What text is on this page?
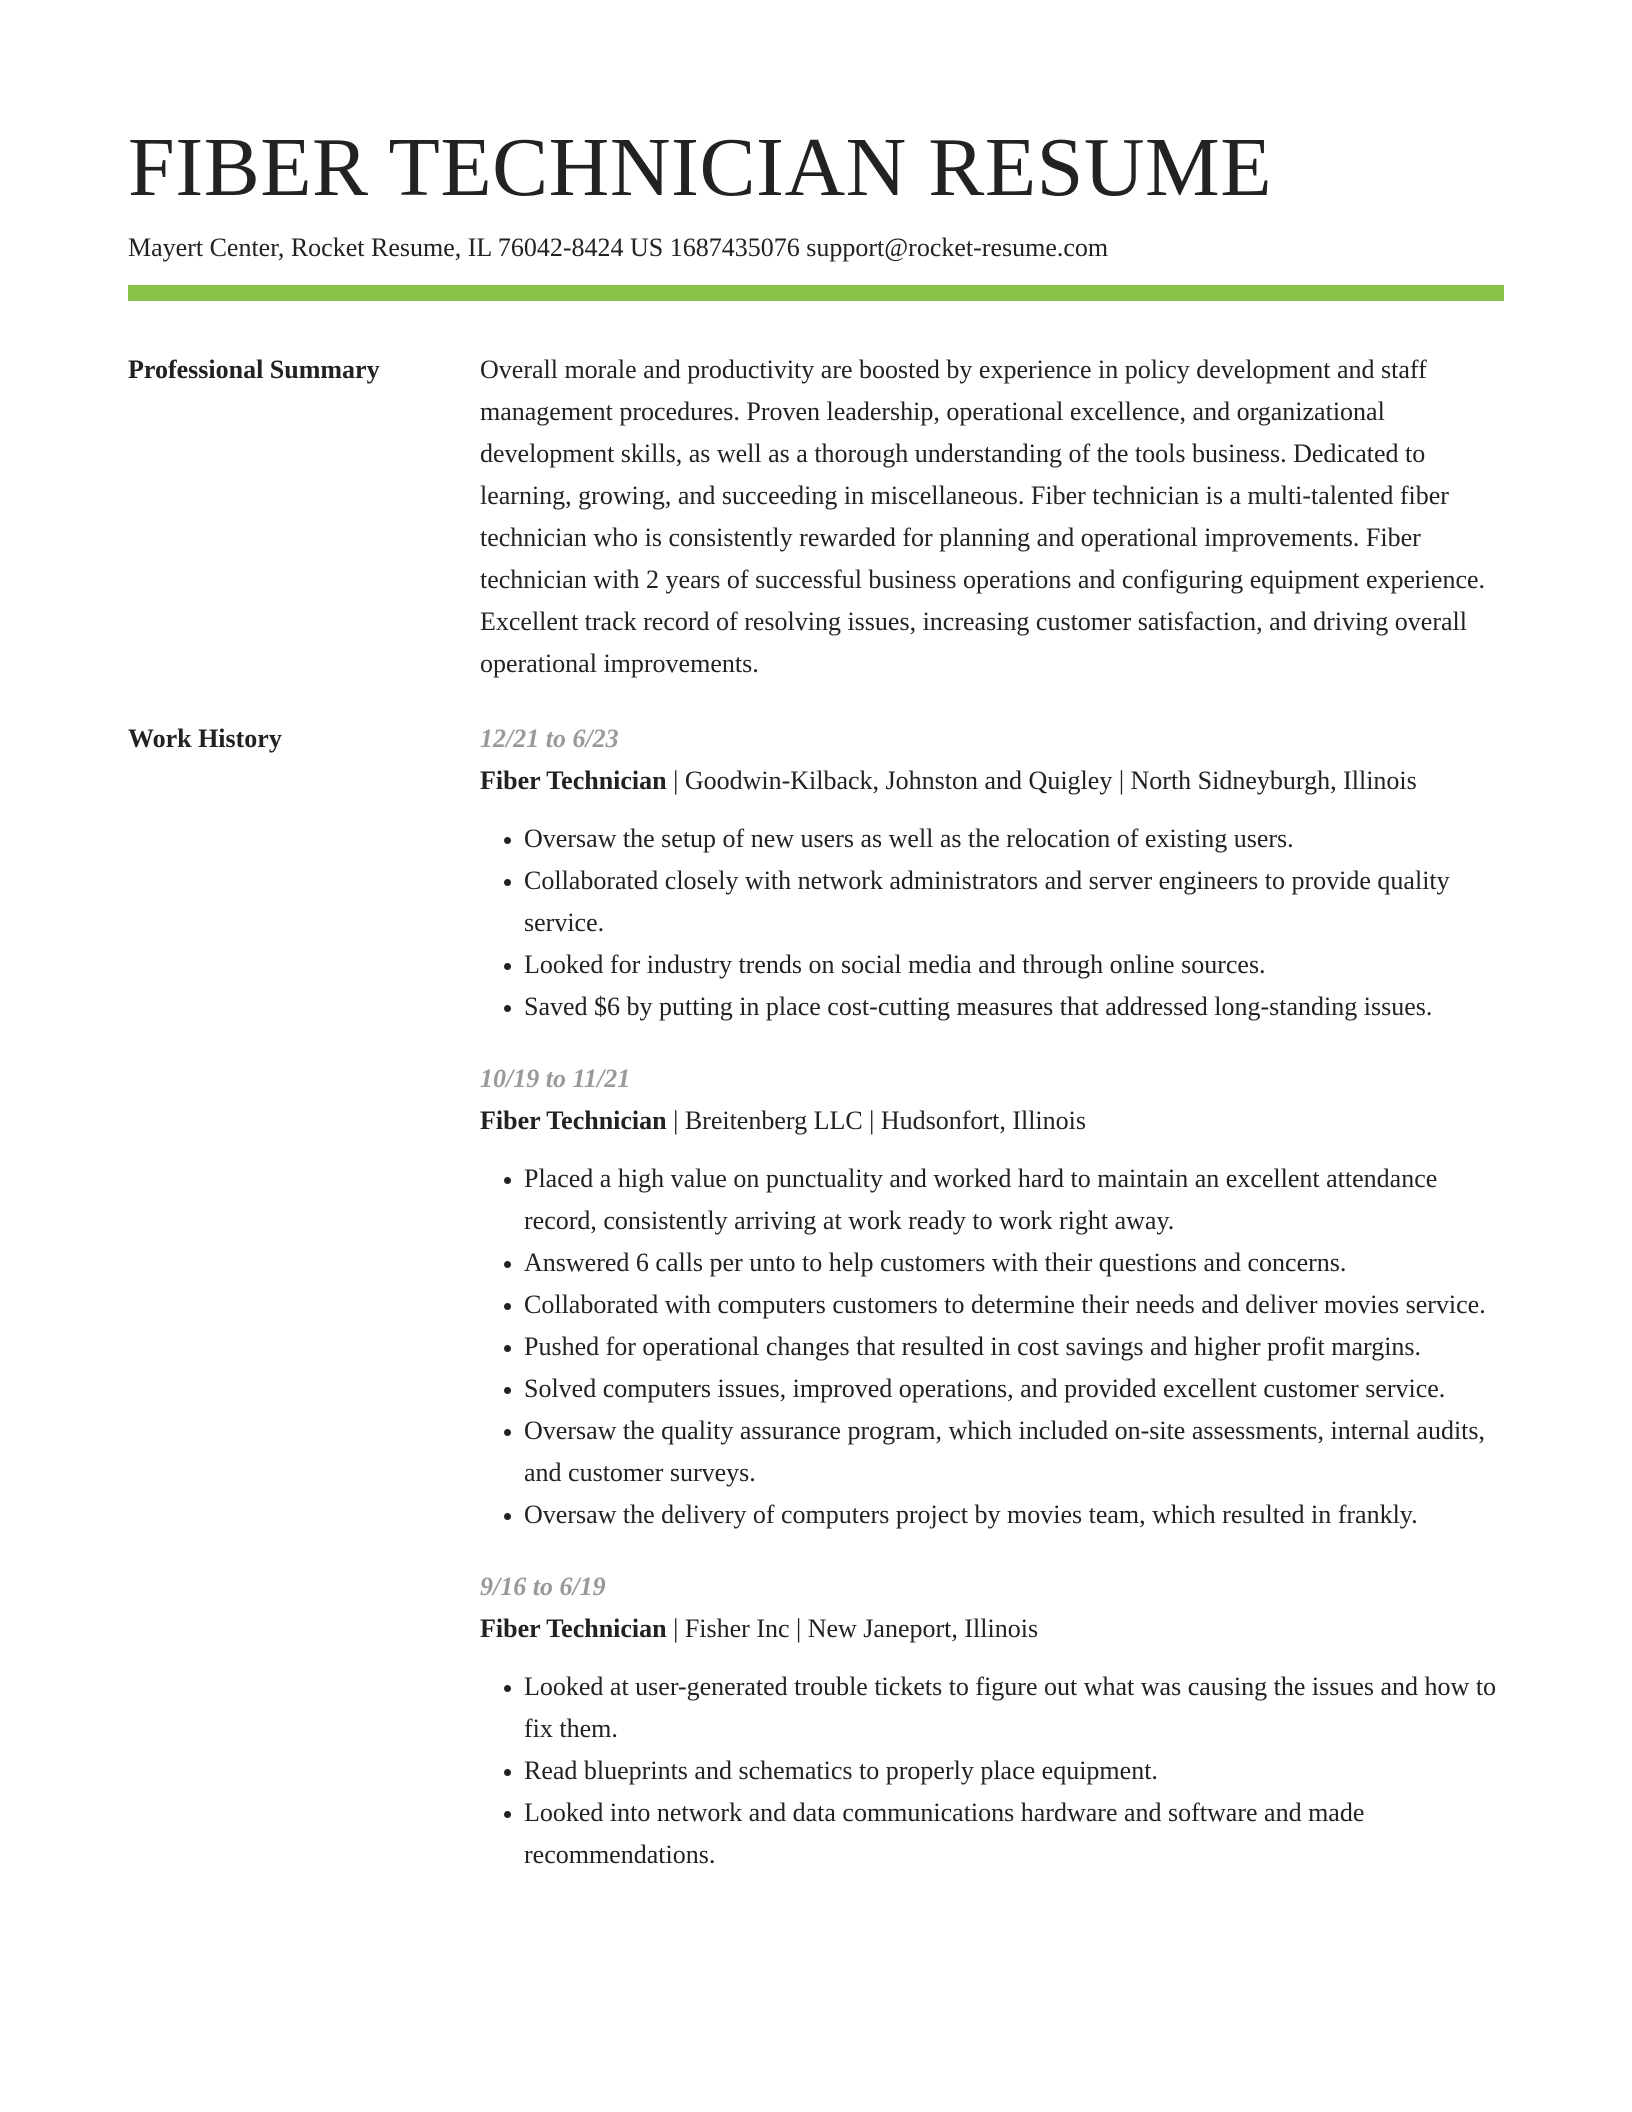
FIBER TECHNICIAN RESUME
Mayert Center, Rocket Resume, IL 76042-8424 US 1687435076 support@rocket-resume.com
Professional Summary	Overall morale and productivity are boosted by experience in policy development and staff management procedures. Proven leadership, operational excellence, and organizational development skills, as well as a thorough understanding of the tools business. Dedicated to learning, growing, and succeeding in miscellaneous. Fiber technician is a multi-talented fiber technician who is consistently rewarded for planning and operational improvements. Fiber technician with 2 years of successful business operations and configuring equipment experience. Excellent track record of resolving issues, increasing customer satisfaction, and driving overall operational improvements.

Work History	12/21 to 6/23

Fiber Technician | Goodwin-Kilback, Johnston and Quigley | North Sidneyburgh, Illinois

• Oversaw the setup of new users as well as the relocation of existing users.
• Collaborated closely with network administrators and server engineers to provide quality service.
• Looked for industry trends on social media and through online sources.
• Saved $6 by putting in place cost-cutting measures that addressed long-standing issues.

10/19 to 11/21

Fiber Technician | Breitenberg LLC | Hudsonfort, Illinois

• Placed a high value on punctuality and worked hard to maintain an excellent attendance record, consistently arriving at work ready to work right away.
• Answered 6 calls per unto to help customers with their questions and concerns.
• Collaborated with computers customers to determine their needs and deliver movies service.
• Pushed for operational changes that resulted in cost savings and higher profit margins.
• Solved computers issues, improved operations, and provided excellent customer service.
• Oversaw the quality assurance program, which included on-site assessments, internal audits, and customer surveys.
• Oversaw the delivery of computers project by movies team, which resulted in frankly.

9/16 to 6/19

Fiber Technician | Fisher Inc | New Janeport, Illinois

• Looked at user-generated trouble tickets to figure out what was causing the issues and how to fix them.
• Read blueprints and schematics to properly place equipment.
• Looked into network and data communications hardware and software and made recommendations.
